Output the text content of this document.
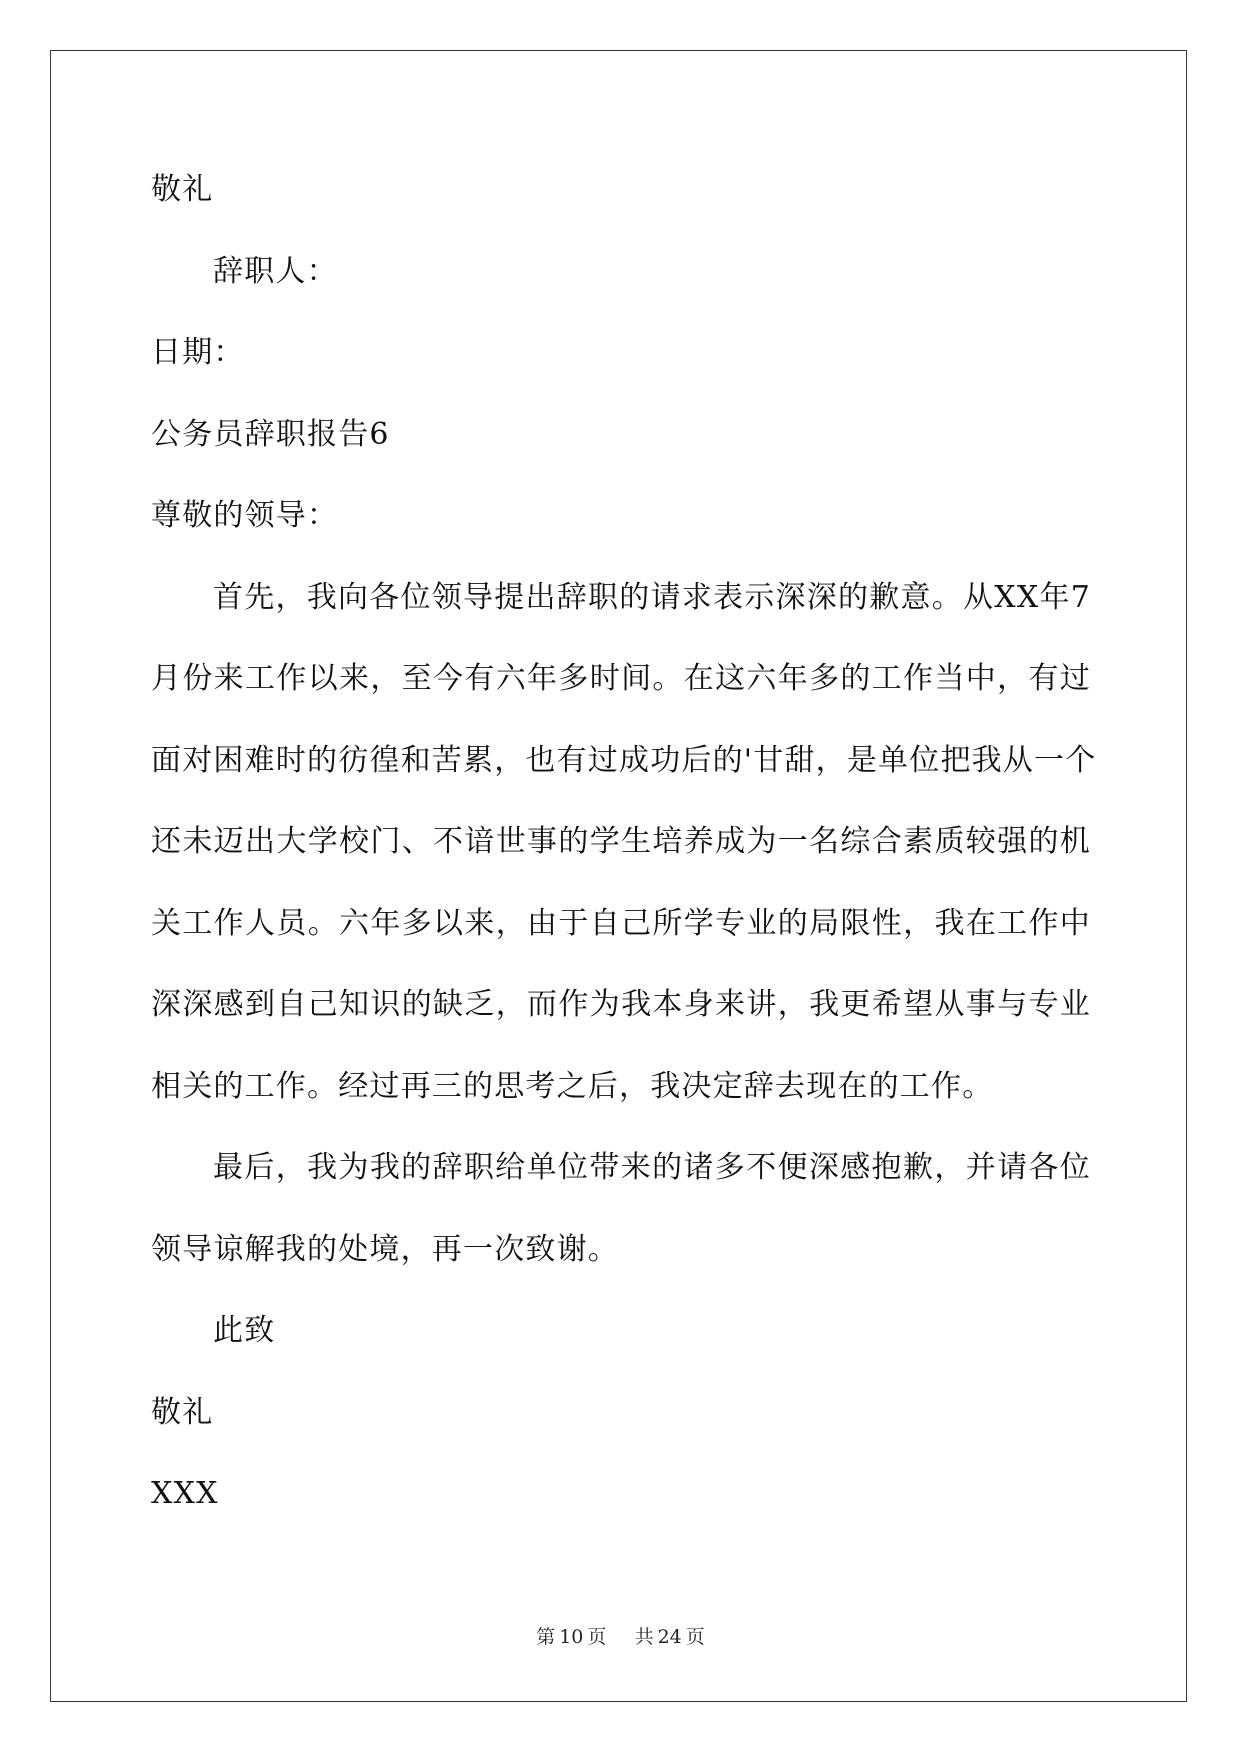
敬礼
辞职人：
日期：
公务员辞职报告6
尊敬的领导：
首先，我向各位领导提出辞职的请求表示深深的歉意。从XX年7
月份来工作以来，至今有六年多时间。在这六年多的工作当中，有过
面对困难时的彷徨和苦累，也有过成功后的'甘甜，是单位把我从一个
还未迈出大学校门、不谙世事的学生培养成为一名综合素质较强的机
关工作人员。六年多以来，由于自己所学专业的局限性，我在工作中
深深感到自己知识的缺乏，而作为我本身来讲，我更希望从事与专业
相关的工作。经过再三的思考之后，我决定辞去现在的工作。
最后，我为我的辞职给单位带来的诸多不便深感抱歉，并请各位
领导谅解我的处境，再一次致谢。
此致
敬礼
XXX
第 10 页 共 24 页
